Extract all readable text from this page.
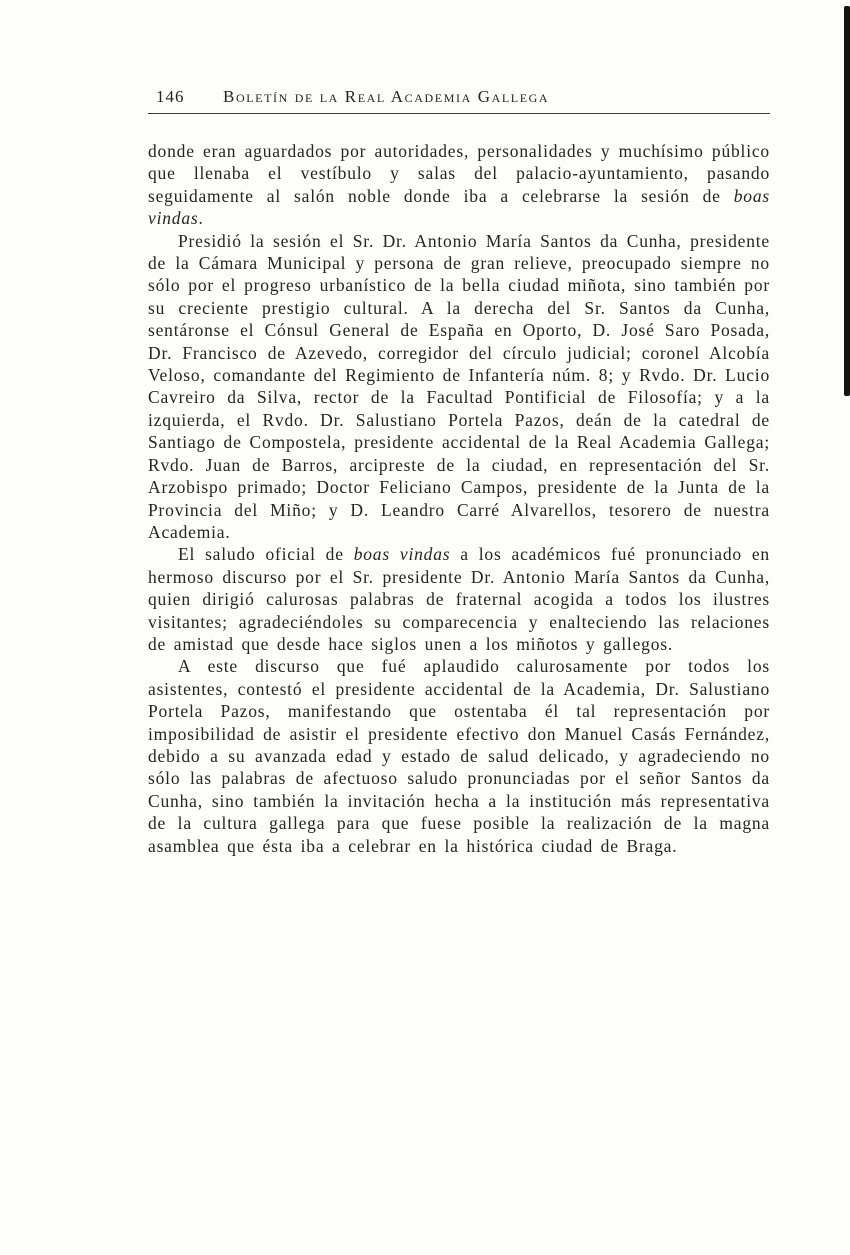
146 Boletín de la Real Academia Gallega

donde eran aguardados por autoridades, personalidades y muchísimo público que llenaba el vestíbulo y salas del palacio-ayuntamiento, pasando seguidamente al salón noble donde iba a celebrarse la sesión de boas vindas.

Presidió la sesión el Sr. Dr. Antonio María Santos da Cunha, presidente de la Cámara Municipal y persona de gran relieve, preocupado siempre no sólo por el progreso urbanístico de la bella ciudad miñota, sino también por su creciente prestigio cultural. A la derecha del Sr. Santos da Cunha, sentáronse el Cónsul General de España en Oporto, D. José Saro Posada, Dr. Francisco de Azevedo, corregidor del círculo judicial; coronel Alcobía Veloso, comandante del Regimiento de Infantería núm. 8; y Rvdo. Dr. Lucio Cavreiro da Silva, rector de la Facultad Pontificial de Filosofía; y a la izquierda, el Rvdo. Dr. Salustiano Portela Pazos, deán de la catedral de Santiago de Compostela, presidente accidental de la Real Academia Gallega; Rvdo. Juan de Barros, arcipreste de la ciudad, en representación del Sr. Arzobispo primado; Doctor Feliciano Campos, presidente de la Junta de la Provincia del Miño; y D. Leandro Carré Alvarellos, tesorero de nuestra Academia.

El saludo oficial de boas vindas a los académicos fué pronunciado en hermoso discurso por el Sr. presidente Dr. Antonio María Santos da Cunha, quien dirigió calurosas palabras de fraternal acogida a todos los ilustres visitantes; agradeciéndoles su comparecencia y enalteciendo las relaciones de amistad que desde hace siglos unen a los miñotos y gallegos.

A este discurso que fué aplaudido calurosamente por todos los asistentes, contestó el presidente accidental de la Academia, Dr. Salustiano Portela Pazos, manifestando que ostentaba él tal representación por imposibilidad de asistir el presidente efectivo don Manuel Casás Fernández, debido a su avanzada edad y estado de salud delicado, y agradeciendo no sólo las palabras de afectuoso saludo pronunciadas por el señor Santos da Cunha, sino también la invitación hecha a la institución más representativa de la cultura gallega para que fuese posible la realización de la magna asamblea que ésta iba a celebrar en la histórica ciudad de Braga.
